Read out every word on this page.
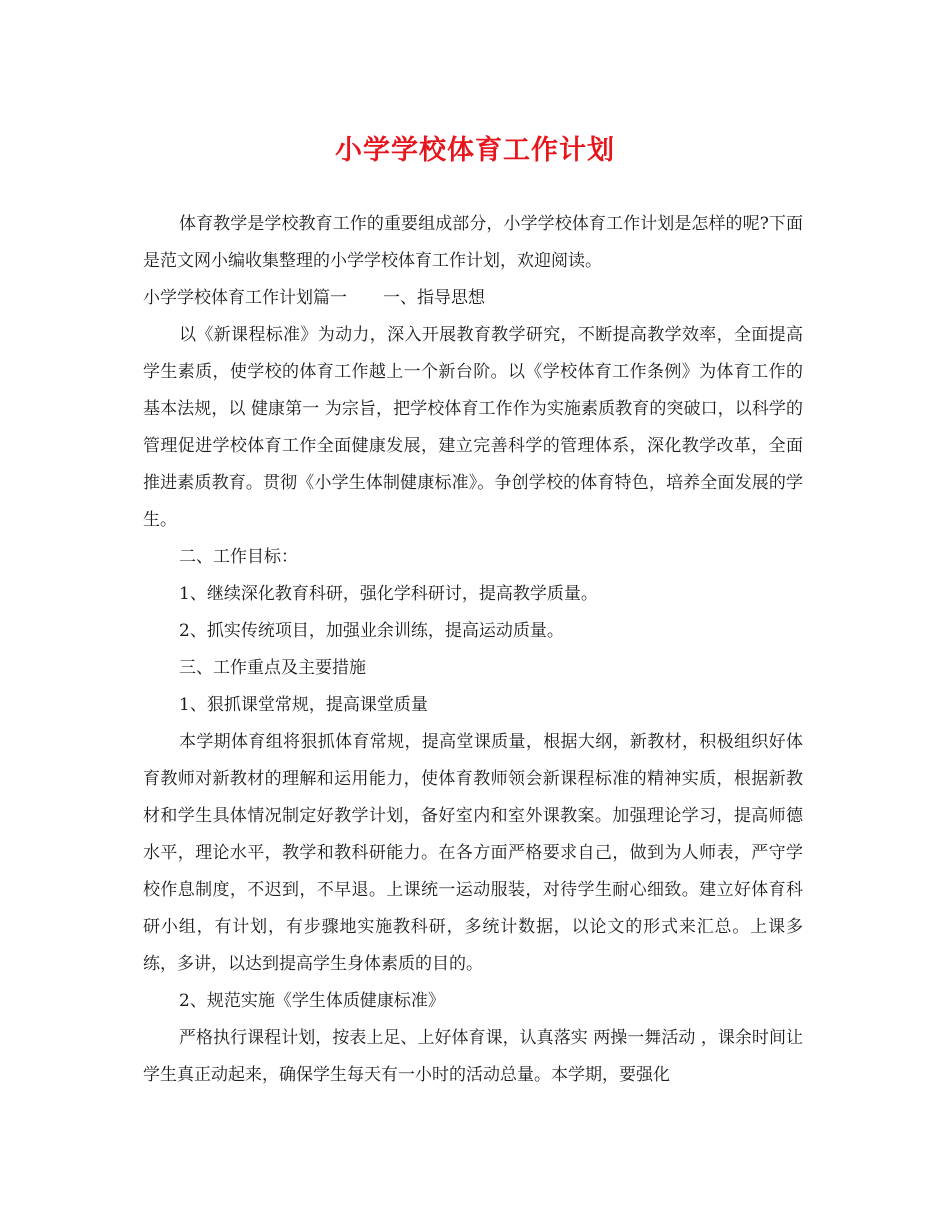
小学学校体育工作计划

体育教学是学校教育工作的重要组成部分，小学学校体育工作计划是怎样的呢?下面是范文网小编收集整理的小学学校体育工作计划，欢迎阅读。

小学学校体育工作计划篇一 一、指导思想

以《新课程标准》为动力，深入开展教育教学研究，不断提高教学效率，全面提高学生素质，使学校的体育工作越上一个新台阶。以《学校体育工作条例》为体育工作的基本法规，以 健康第一 为宗旨，把学校体育工作作为实施素质教育的突破口，以科学的管理促进学校体育工作全面健康发展，建立完善科学的管理体系，深化教学改革，全面推进素质教育。贯彻《小学生体制健康标准》。争创学校的体育特色，培养全面发展的学生。

二、工作目标：

1、继续深化教育科研，强化学科研讨，提高教学质量。

2、抓实传统项目，加强业余训练，提高运动质量。

三、工作重点及主要措施

1、狠抓课堂常规，提高课堂质量

本学期体育组将狠抓体育常规，提高堂课质量，根据大纲，新教材，积极组织好体育教师对新教材的理解和运用能力，使体育教师领会新课程标准的精神实质，根据新教材和学生具体情况制定好教学计划，备好室内和室外课教案。加强理论学习，提高师德水平，理论水平，教学和教科研能力。在各方面严格要求自己，做到为人师表，严守学校作息制度，不迟到，不早退。上课统一运动服装，对待学生耐心细致。建立好体育科研小组，有计划，有步骤地实施教科研，多统计数据，以论文的形式来汇总。上课多练，多讲，以达到提高学生身体素质的目的。

2、规范实施《学生体质健康标准》

严格执行课程计划，按表上足、上好体育课，认真落实 两操一舞活动 ，课余时间让学生真正动起来，确保学生每天有一小时的活动总量。本学期，要强化
